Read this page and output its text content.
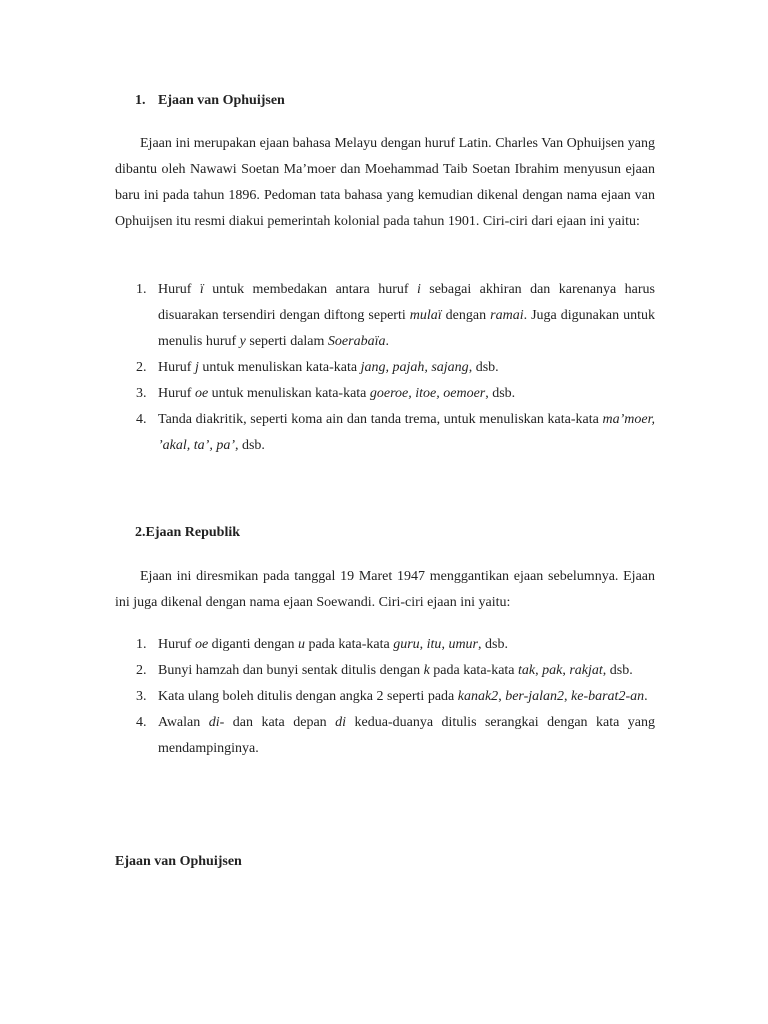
1. Ejaan van Ophuijsen
Ejaan ini merupakan ejaan bahasa Melayu dengan huruf Latin. Charles Van Ophuijsen yang dibantu oleh Nawawi Soetan Ma’moer dan Moehammad Taib Soetan Ibrahim menyusun ejaan baru ini pada tahun 1896. Pedoman tata bahasa yang kemudian dikenal dengan nama ejaan van Ophuijsen itu resmi diakui pemerintah kolonial pada tahun 1901. Ciri-ciri dari ejaan ini yaitu:
1. Huruf ï untuk membedakan antara huruf i sebagai akhiran dan karenanya harus disuarakan tersendiri dengan diftong seperti mulaï dengan ramai. Juga digunakan untuk menulis huruf y seperti dalam Soerabaïa.
2. Huruf j untuk menuliskan kata-kata jang, pajah, sajang, dsb.
3. Huruf oe untuk menuliskan kata-kata goeroe, itoe, oemoer, dsb.
4. Tanda diakritik, seperti koma ain dan tanda trema, untuk menuliskan kata-kata ma’moer, ’akal, ta’, pa’, dsb.
2.Ejaan Republik
Ejaan ini diresmikan pada tanggal 19 Maret 1947 menggantikan ejaan sebelumnya. Ejaan ini juga dikenal dengan nama ejaan Soewandi. Ciri-ciri ejaan ini yaitu:
1. Huruf oe diganti dengan u pada kata-kata guru, itu, umur, dsb.
2. Bunyi hamzah dan bunyi sentak ditulis dengan k pada kata-kata tak, pak, rakjat, dsb.
3. Kata ulang boleh ditulis dengan angka 2 seperti pada kanak2, ber-jalan2, ke-barat2-an.
4. Awalan di- dan kata depan di kedua-duanya ditulis serangkai dengan kata yang mendampinginya.
Ejaan van Ophuijsen
